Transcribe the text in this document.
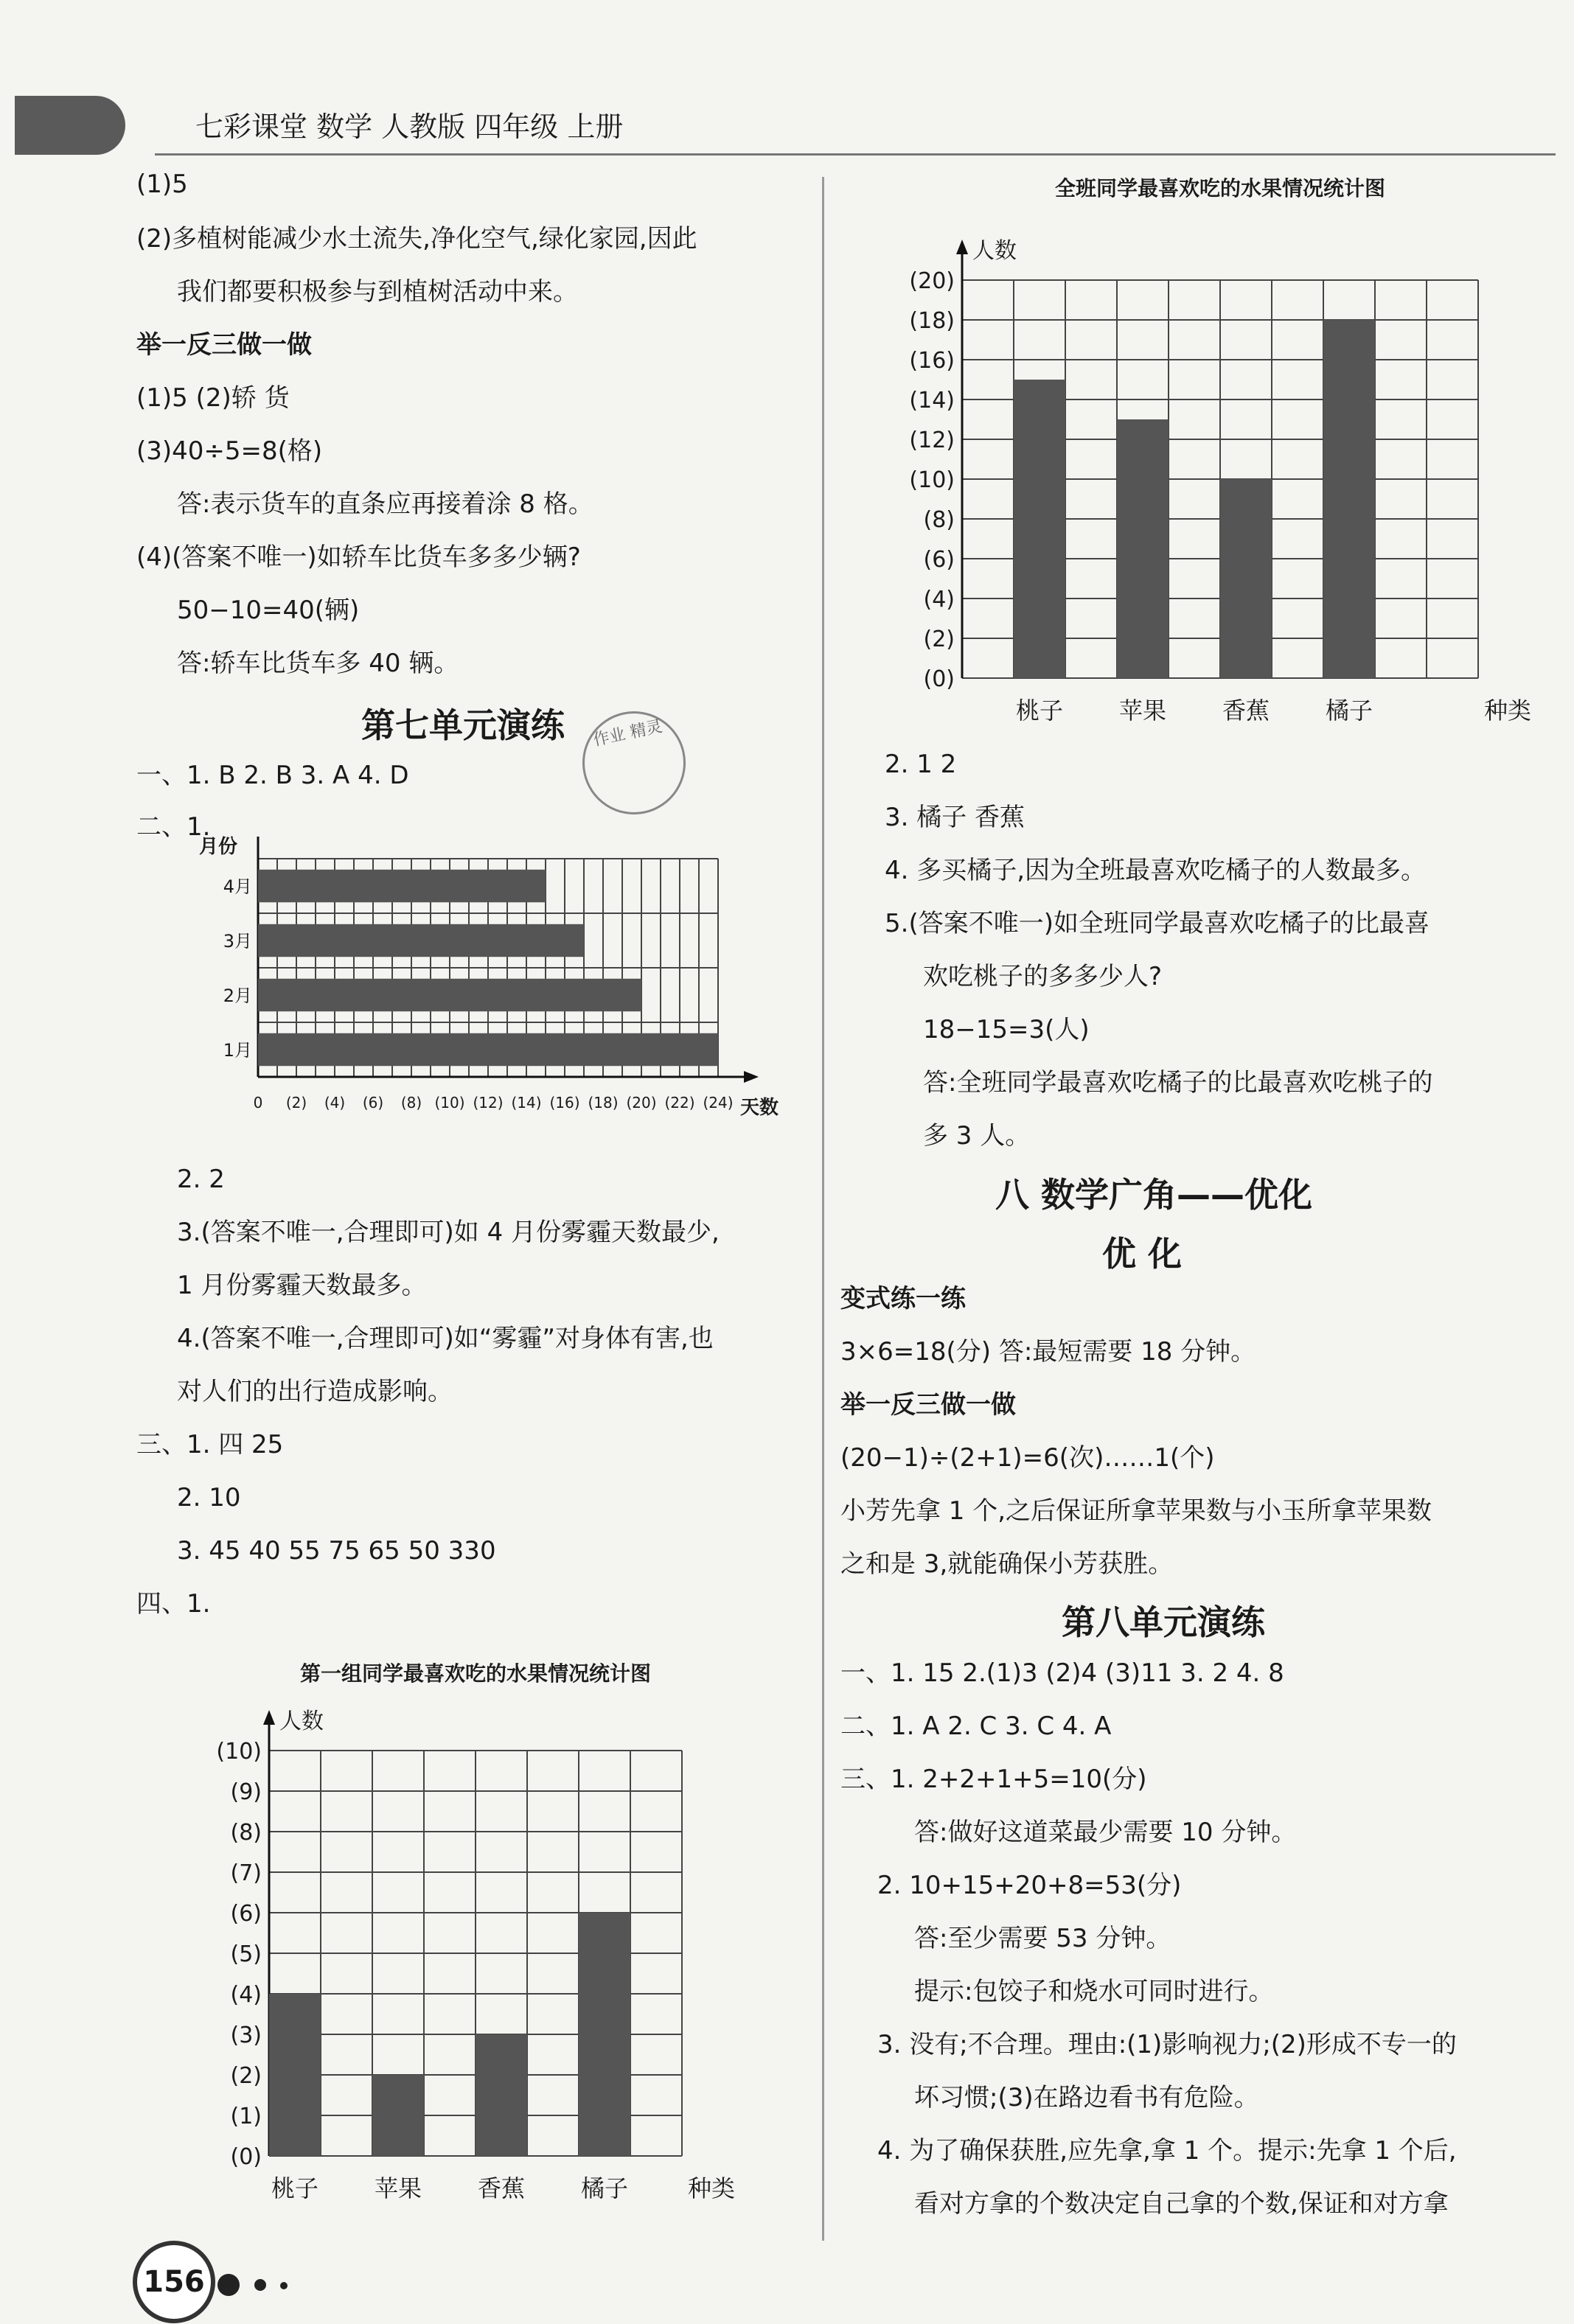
七彩课堂 数学 人教版 四年级 上册
(1)5
(2)多植树能减少水土流失,净化空气,绿化家园,因此
我们都要积极参与到植树活动中来。
举一反三做一做
(1)5 (2)轿 货
(3)40÷5=8(格)
答:表示货车的直条应再接着涂 8 格。
(4)(答案不唯一)如轿车比货车多多少辆?
50−10=40(辆)
答:轿车比货车多 40 辆。
第七单元演练	作业 精灵
一、1. B 2. B 3. A 4. D
二、1.
月份
天数
0 (2) (4) (6) (8) (10) (12) (14) (16) (18) (20) (22) (24)
1月
2月
3月
4月
2. 2
3.(答案不唯一,合理即可)如 4 月份雾霾天数最少,
1 月份雾霾天数最多。
4.(答案不唯一,合理即可)如“雾霾”对身体有害,也
对人们的出行造成影响。
三、1. 四 25
2. 10
3. 45 40 55 75 65 50 330
四、1.
第一组同学最喜欢吃的水果情况统计图
(0)
(1)
(2)
(3)
(4)
(5)
(6)
(7)
(8)
(9)
(10)
人数
桃子 苹果 香蕉 橘子	种类
全班同学最喜欢吃的水果情况统计图
(0)
(2)
(4)
(6)
(8)
(10)
(12)
(14)
(16)
(18)
(20)
人数
桃子 苹果 香蕉 橘子	种类
2. 1 2
3. 橘子 香蕉
4. 多买橘子,因为全班最喜欢吃橘子的人数最多。
5.(答案不唯一)如全班同学最喜欢吃橘子的比最喜
欢吃桃子的多多少人?
18−15=3(人)
答:全班同学最喜欢吃橘子的比最喜欢吃桃子的
多 3 人。
八 数学广角——优化
优 化
变式练一练
3×6=18(分) 答:最短需要 18 分钟。
举一反三做一做
(20−1)÷(2+1)=6(次)……1(个)
小芳先拿 1 个,之后保证所拿苹果数与小玉所拿苹果数
之和是 3,就能确保小芳获胜。
第八单元演练
一、1. 15 2.(1)3 (2)4 (3)11 3. 2 4. 8
二、1. A 2. C 3. C 4. A
三、1. 2+2+1+5=10(分)
答:做好这道菜最少需要 10 分钟。
2. 10+15+20+8=53(分)
答:至少需要 53 分钟。
提示:包饺子和烧水可同时进行。
3. 没有;不合理。理由:(1)影响视力;(2)形成不专一的
坏习惯;(3)在路边看书有危险。
4. 为了确保获胜,应先拿,拿 1 个。提示:先拿 1 个后,
看对方拿的个数决定自己拿的个数,保证和对方拿
156
